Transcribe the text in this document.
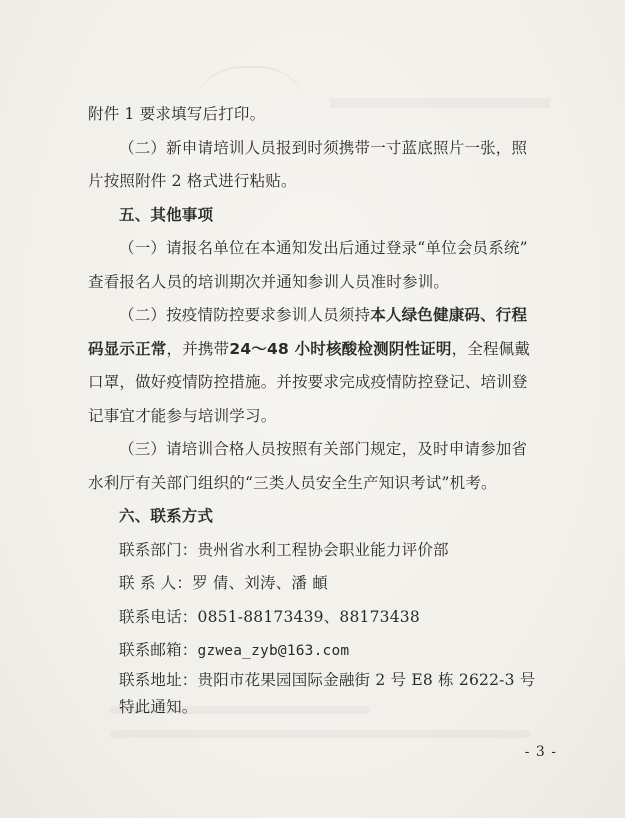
附件 1 要求填写后打印。
（二）新申请培训人员报到时须携带一寸蓝底照片一张，照
片按照附件 2 格式进行粘贴。
五、其他事项
（一）请报名单位在本通知发出后通过登录“单位会员系统”
查看报名人员的培训期次并通知参训人员准时参训。
（二）按疫情防控要求参训人员须持本人绿色健康码、行程
码显示正常，并携带24～48 小时核酸检测阴性证明，全程佩戴
口罩，做好疫情防控措施。并按要求完成疫情防控登记、培训登
记事宜才能参与培训学习。
（三）请培训合格人员按照有关部门规定，及时申请参加省
水利厅有关部门组织的“三类人员安全生产知识考试”机考。
六、联系方式
联系部门：贵州省水利工程协会职业能力评价部
联 系 人：罗 倩、刘涛、潘 頔
联系电话：0851-88173439、88173438
联系邮箱：gzwea_zyb@163.com
联系地址：贵阳市花果园国际金融街 2 号 E8 栋 2622-3 号
特此通知。
- 3 -
